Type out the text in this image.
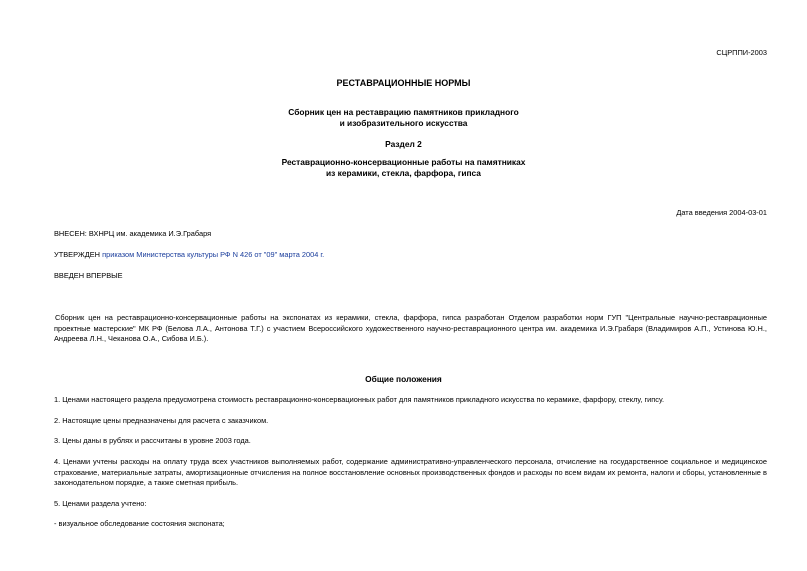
СЦРППИ-2003
РЕСТАВРАЦИОННЫЕ НОРМЫ
Сборник цен на реставрацию памятников прикладного
и изобразительного искусства
Раздел 2
Реставрационно-консервационные работы на памятниках
из керамики, стекла, фарфора, гипса
Дата введения 2004-03-01
ВНЕСЕН: ВХНРЦ им. академика И.Э.Грабаря
УТВЕРЖДЕН приказом Министерства культуры РФ N 426 от "09" марта 2004 г.
ВВЕДЕН ВПЕРВЫЕ
Сборник цен на реставрационно-консервационные работы на экспонатах из керамики, стекла, фарфора, гипса разработан Отделом разработки норм ГУП "Центральные научно-реставрационные проектные мастерские" МК РФ (Белова Л.А., Антонова Т.Г.) с участием Всероссийского художественного научно-реставрационного центра им. академика И.Э.Грабаря (Владимиров А.П., Устинова Ю.Н., Андреева Л.Н., Чеканова О.А., Сибова И.Б.).
Общие положения
1. Ценами настоящего раздела предусмотрена стоимость реставрационно-консервационных работ для памятников прикладного искусства по керамике, фарфору, стеклу, гипсу.
2. Настоящие цены предназначены для расчета с заказчиком.
3. Цены даны в рублях и рассчитаны в уровне 2003 года.
4. Ценами учтены расходы на оплату труда всех участников выполняемых работ, содержание административно-управленческого персонала, отчисление на государственное социальное и медицинское страхование, материальные затраты, амортизационные отчисления на полное восстановление основных производственных фондов и расходы по всем видам их ремонта, налоги и сборы, установленные в законодательном порядке, а также сметная прибыль.
5. Ценами раздела учтено:
- визуальное обследование состояния экспоната;
